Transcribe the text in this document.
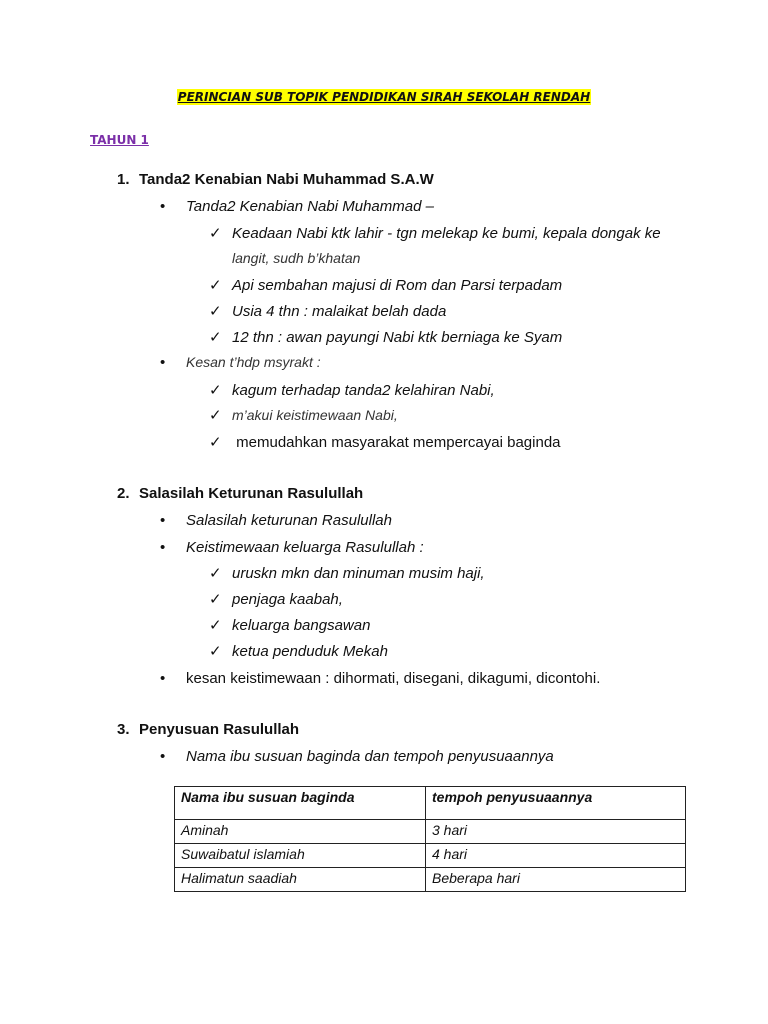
PERINCIAN SUB TOPIK PENDIDIKAN SIRAH SEKOLAH RENDAH
TAHUN 1
1. Tanda2 Kenabian Nabi Muhammad S.A.W
• Tanda2 Kenabian Nabi Muhammad –
✓ Keadaan Nabi ktk lahir - tgn melekap ke bumi, kepala dongak ke
langit, sudh b’khatan
✓ Api sembahan majusi di Rom dan Parsi terpadam
✓ Usia 4 thn : malaikat belah dada
✓ 12 thn : awan payungi Nabi ktk berniaga ke Syam
• Kesan t’hdp msyrakt :
✓ kagum terhadap tanda2 kelahiran Nabi,
✓ m’akui keistimewaan Nabi,
✓ memudahkan masyarakat mempercayai baginda
2. Salasilah Keturunan Rasulullah
• Salasilah keturunan Rasulullah
• Keistimewaan keluarga Rasulullah :
✓ uruskn mkn dan minuman musim haji,
✓ penjaga kaabah,
✓ keluarga bangsawan
✓ ketua penduduk Mekah
• kesan keistimewaan : dihormati, disegani, dikagumi, dicontohi.
3. Penyusuan Rasulullah
• Nama ibu susuan baginda dan tempoh penyusuaannya
Nama ibu susuan baginda	tempoh penyusuaannya
Aminah	3 hari
Suwaibatul islamiah	4 hari
Halimatun saadiah	Beberapa hari
